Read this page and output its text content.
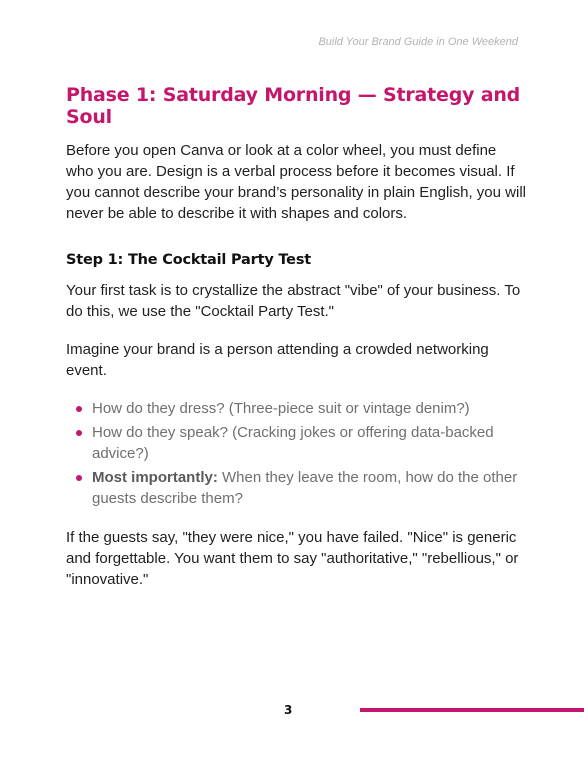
Build Your Brand Guide in One Weekend

Phase 1: Saturday Morning — Strategy and Soul

Before you open Canva or look at a color wheel, you must define who you are. Design is a verbal process before it becomes visual. If you cannot describe your brand’s personality in plain English, you will never be able to describe it with shapes and colors.

Step 1: The Cocktail Party Test

Your first task is to crystallize the abstract "vibe" of your business. To do this, we use the "Cocktail Party Test."

Imagine your brand is a person attending a crowded networking event.

How do they dress? (Three-piece suit or vintage denim?)
How do they speak? (Cracking jokes or offering data-backed advice?)
Most importantly: When they leave the room, how do the other guests describe them?

If the guests say, "they were nice," you have failed. "Nice" is generic and forgettable. You want them to say "authoritative," "rebellious," or "innovative."

3
